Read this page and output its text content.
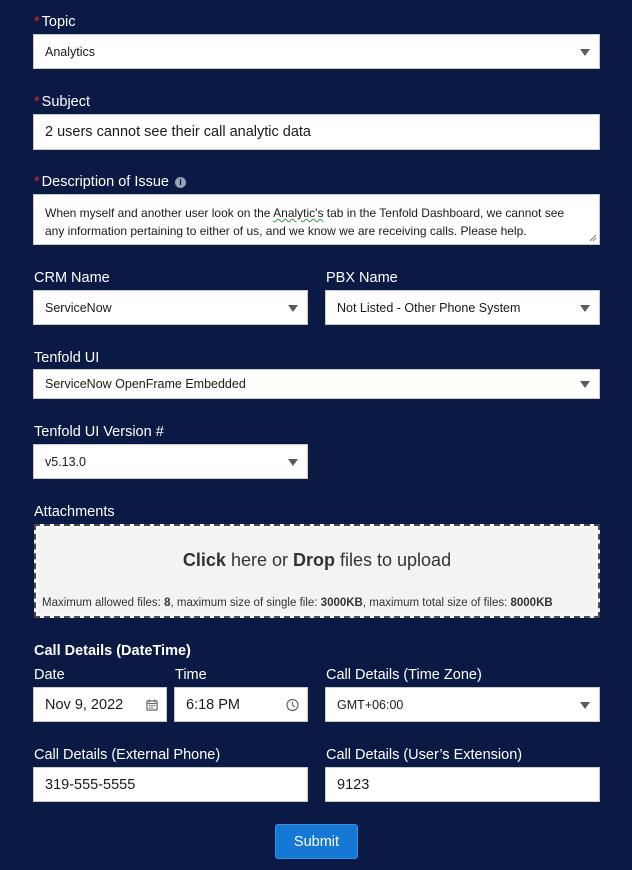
* Topic
Analytics
* Subject
2 users cannot see their call analytic data
* Description of Issue i
When myself and another user look on the Analytic's tab in the Tenfold Dashboard, we cannot see any information pertaining to either of us, and we know we are receiving calls. Please help.
CRM Name
ServiceNow
PBX Name
Not Listed - Other Phone System
Tenfold UI
ServiceNow OpenFrame Embedded
Tenfold UI Version #
v5.13.0
Attachments
Click here or Drop files to upload
Maximum allowed files: 8, maximum size of single file: 3000KB, maximum total size of files: 8000KB
Call Details (DateTime)
Date
Nov 9, 2022
Time
6:18 PM
Call Details (Time Zone)
GMT+06:00
Call Details (External Phone)
319-555-5555
Call Details (User’s Extension)
9123
Submit
